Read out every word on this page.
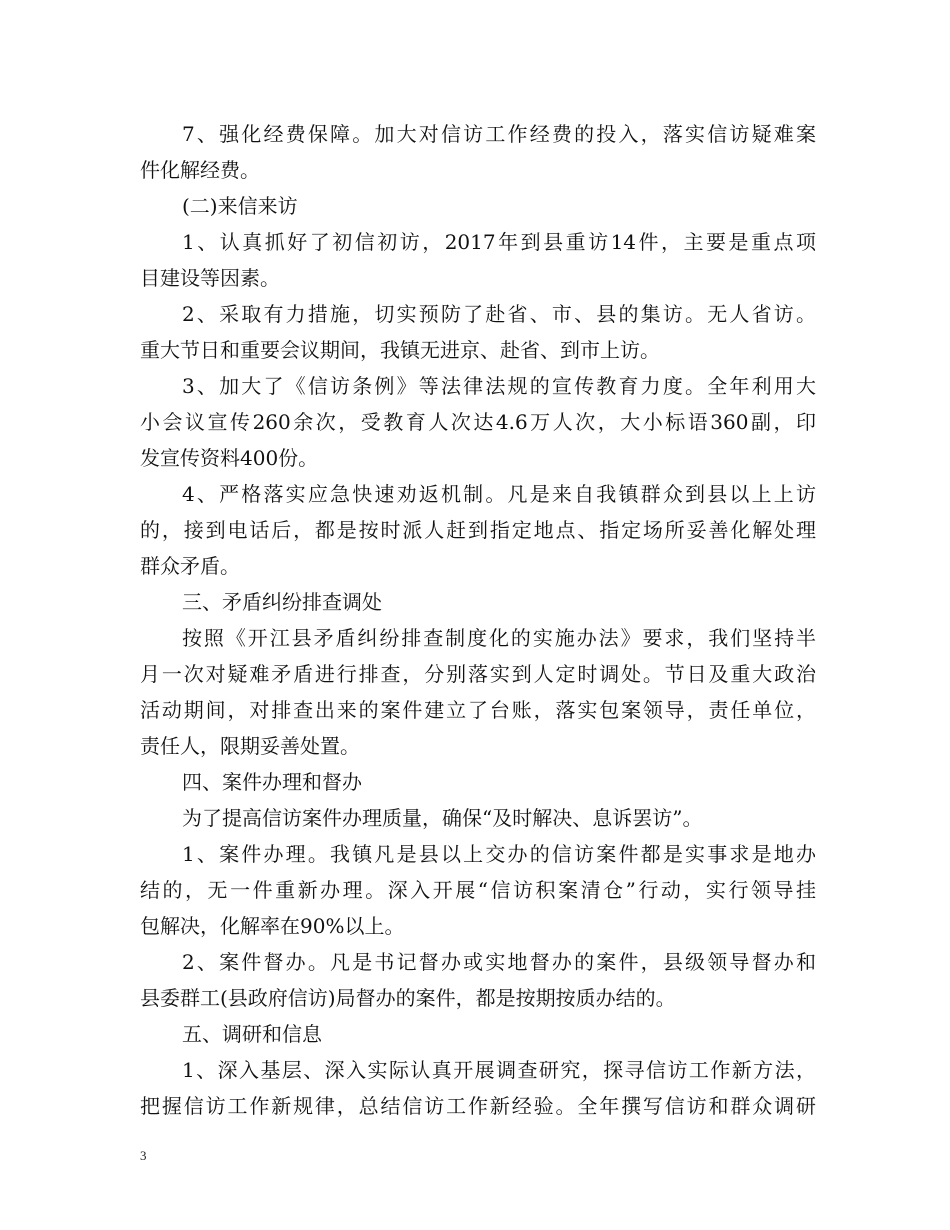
7、强化经费保障。加大对信访工作经费的投入，落实信访疑难案
件化解经费。
(二)来信来访
1、认真抓好了初信初访，2017年到县重访14件，主要是重点项
目建设等因素。
2、采取有力措施，切实预防了赴省、市、县的集访。无人省访。
重大节日和重要会议期间，我镇无进京、赴省、到市上访。
3、加大了《信访条例》等法律法规的宣传教育力度。全年利用大
小会议宣传260余次，受教育人次达4.6万人次，大小标语360副，印
发宣传资料400份。
4、严格落实应急快速劝返机制。凡是来自我镇群众到县以上上访
的，接到电话后，都是按时派人赶到指定地点、指定场所妥善化解处理
群众矛盾。
三、矛盾纠纷排查调处
按照《开江县矛盾纠纷排查制度化的实施办法》要求，我们坚持半
月一次对疑难矛盾进行排查，分别落实到人定时调处。节日及重大政治
活动期间，对排查出来的案件建立了台账，落实包案领导，责任单位，
责任人，限期妥善处置。
四、案件办理和督办
为了提高信访案件办理质量，确保“及时解决、息诉罢访”。
1、案件办理。我镇凡是县以上交办的信访案件都是实事求是地办
结的，无一件重新办理。深入开展“信访积案清仓”行动，实行领导挂
包解决，化解率在90%以上。
2、案件督办。凡是书记督办或实地督办的案件，县级领导督办和
县委群工(县政府信访)局督办的案件，都是按期按质办结的。
五、调研和信息
1、深入基层、深入实际认真开展调查研究，探寻信访工作新方法，
把握信访工作新规律，总结信访工作新经验。全年撰写信访和群众调研
3
